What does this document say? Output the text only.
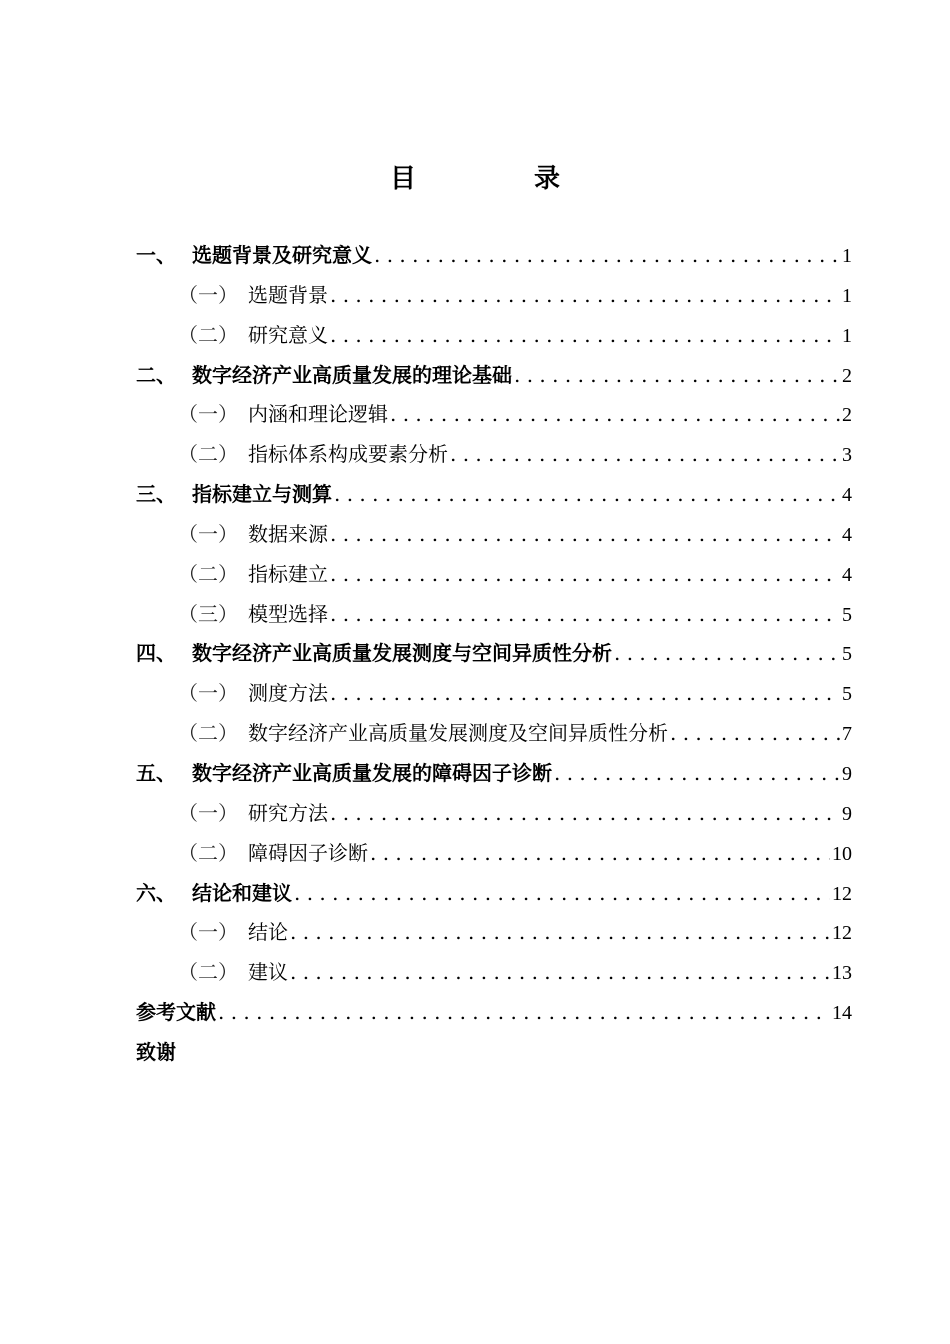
目　录
一、 选题背景及研究意义 . . .	1
（一） 选题背景 . . .	1
（二） 研究意义 . . .	1
二、 数字经济产业高质量发展的理论基础 . . .	2
（一） 内涵和理论逻辑 . . .	2
（二） 指标体系构成要素分析 . . .	3
三、 指标建立与测算 . . .	4
（一） 数据来源 . . .	4
（二） 指标建立 . . .	4
（三） 模型选择 . . .	5
四、 数字经济产业高质量发展测度与空间异质性分析 . . .	5
（一） 测度方法 . . .	5
（二） 数字经济产业高质量发展测度及空间异质性分析 . . .	7
五、 数字经济产业高质量发展的障碍因子诊断 . . .	9
（一） 研究方法 . . .	9
（二） 障碍因子诊断 . . .	10
六、 结论和建议 . . .	12
（一） 结论 . . .	12
（二） 建议 . . .	13
参考文献 . . .	14
致谢
